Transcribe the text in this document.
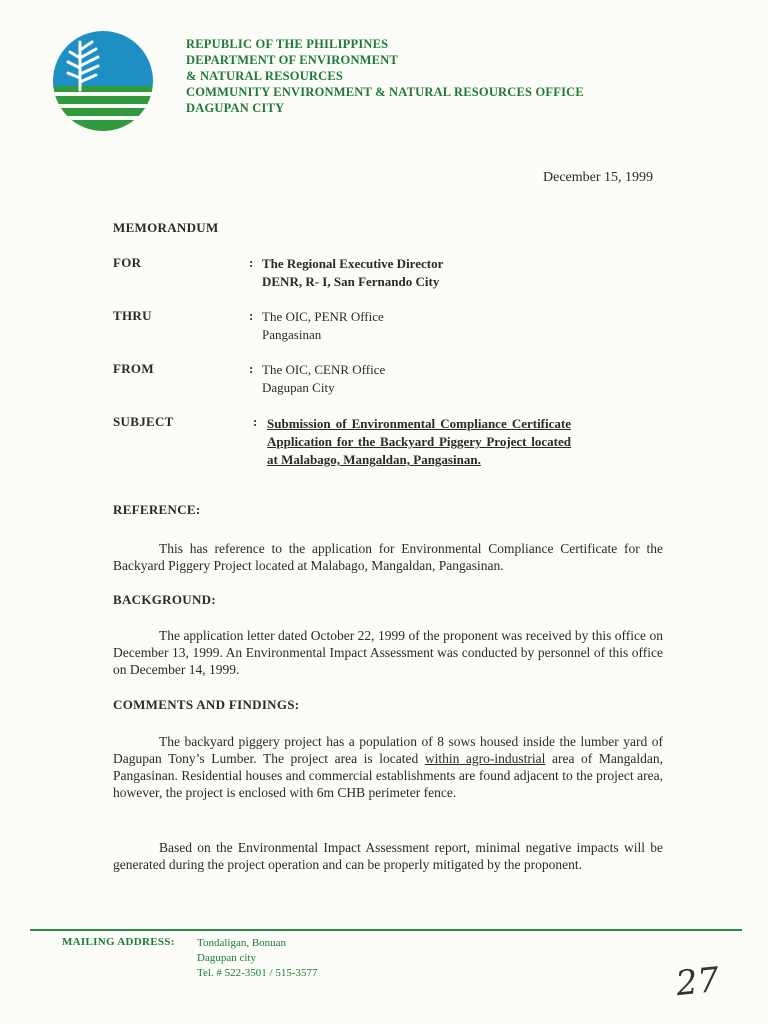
REPUBLIC OF THE PHILIPPINES
DEPARTMENT OF ENVIRONMENT
& NATURAL RESOURCES
COMMUNITY ENVIRONMENT & NATURAL RESOURCES OFFICE
DAGUPAN CITY
December 15, 1999
MEMORANDUM
FOR	: The Regional Executive Director
DENR, R- I, San Fernando City
THRU	: The OIC, PENR Office
Pangasinan
FROM	: The OIC, CENR Office
Dagupan City
SUBJECT	: Submission of Environmental Compliance Certificate Application for the Backyard Piggery Project located at Malabago, Mangaldan, Pangasinan.
REFERENCE:
This has reference to the application for Environmental Compliance Certificate for the Backyard Piggery Project located at Malabago, Mangaldan, Pangasinan.
BACKGROUND:
The application letter dated October 22, 1999 of the proponent was received by this office on December 13, 1999. An Environmental Impact Assessment was conducted by personnel of this office on December 14, 1999.
COMMENTS AND FINDINGS:
The backyard piggery project has a population of 8 sows housed inside the lumber yard of Dagupan Tony’s Lumber. The project area is located within agro-industrial area of Mangaldan, Pangasinan. Residential houses and commercial establishments are found adjacent to the project area, however, the project is enclosed with 6m CHB perimeter fence.
Based on the Environmental Impact Assessment report, minimal negative impacts will be generated during the project operation and can be properly mitigated by the proponent.
MAILING ADDRESS: Tondaligan, Bonuan
Dagupan city
Tel. # 522-3501 / 515-3577	27
